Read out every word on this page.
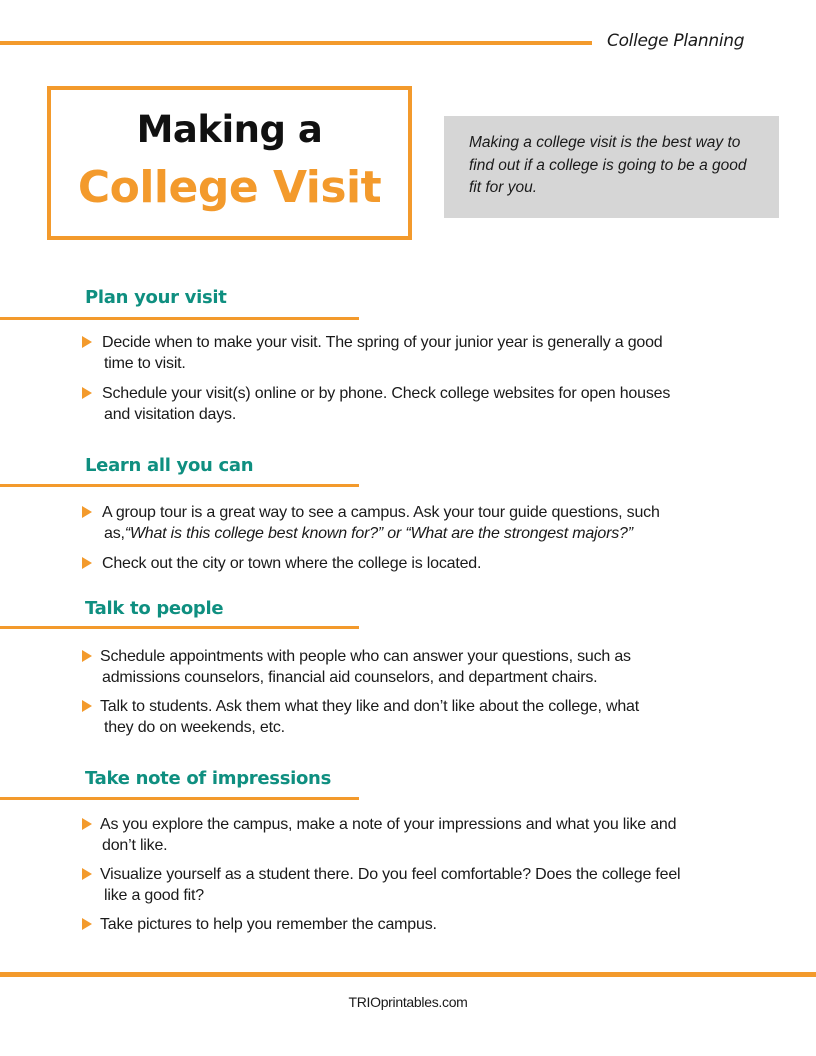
College Planning
Making a
College Visit
Making a college visit is the best way to find out if a college is going to be a good fit for you.
Plan your visit
Decide when to make your visit. The spring of your junior year is generally a good
time to visit.
Schedule your visit(s) online or by phone. Check college websites for open houses
and visitation days.
Learn all you can
A group tour is a great way to see a campus. Ask your tour guide questions, such
as,“What is this college best known for?” or “What are the strongest majors?”
Check out the city or town where the college is located.
Talk to people
Schedule appointments with people who can answer your questions, such as
admissions counselors, financial aid counselors, and department chairs.
Talk to students. Ask them what they like and don’t like about the college, what
they do on weekends, etc.
Take note of impressions
As you explore the campus, make a note of your impressions and what you like and
don’t like.
Visualize yourself as a student there. Do you feel comfortable? Does the college feel
like a good fit?
Take pictures to help you remember the campus.
TRIOprintables.com
